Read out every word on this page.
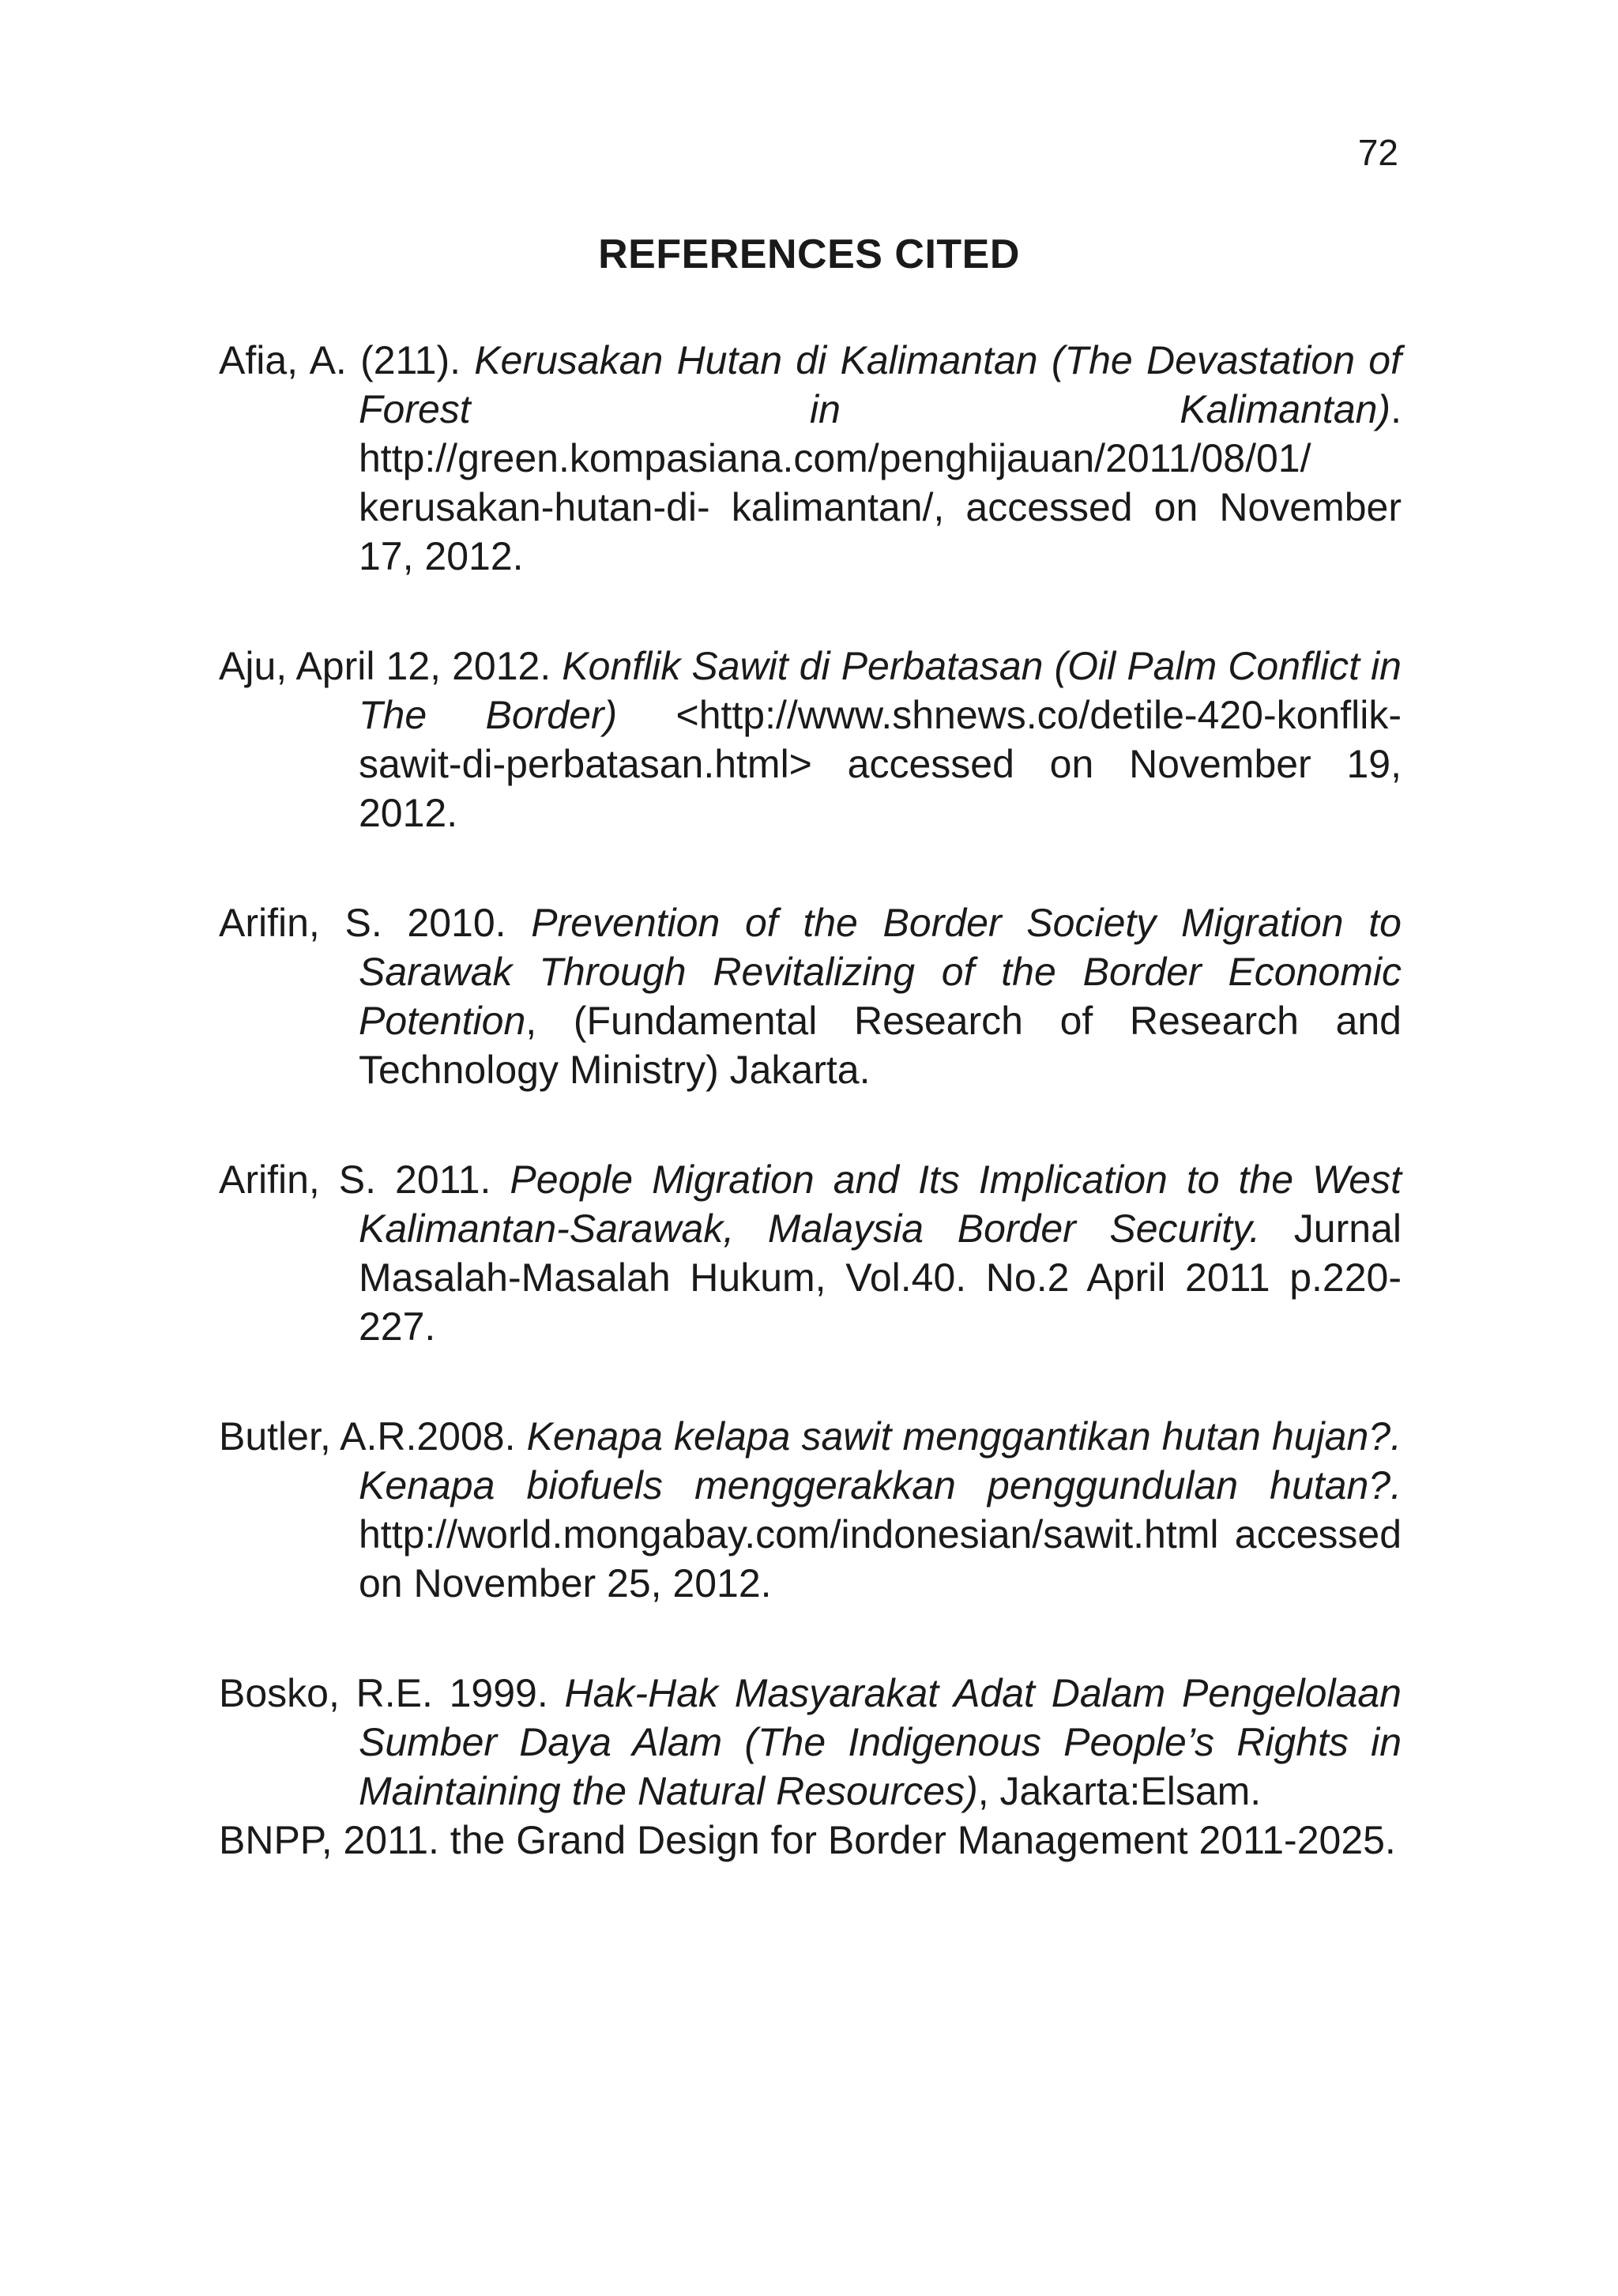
72
REFERENCES CITED

Afia, A. (211). Kerusakan Hutan di Kalimantan (The Devastation of Forest in Kalimantan). http://green.kompasiana.com/penghijauan/2011/08/01/ kerusakan-hutan-di- kalimantan/, accessed on November 17, 2012.

Aju, April 12, 2012. Konflik Sawit di Perbatasan (Oil Palm Conflict in The Border) <http://www.shnews.co/detile-420-konflik-sawit-di-perbatasan.html> accessed on November 19, 2012.

Arifin, S. 2010. Prevention of the Border Society Migration to Sarawak Through Revitalizing of the Border Economic Potention, (Fundamental Research of Research and Technology Ministry) Jakarta.

Arifin, S. 2011. People Migration and Its Implication to the West Kalimantan-Sarawak, Malaysia Border Security. Jurnal Masalah-Masalah Hukum, Vol.40. No.2 April 2011 p.220-227.

Butler, A.R.2008. Kenapa kelapa sawit menggantikan hutan hujan?. Kenapa biofuels menggerakkan penggundulan hutan?. http://world.mongabay.com/indonesian/sawit.html accessed on November 25, 2012.

Bosko, R.E. 1999. Hak-Hak Masyarakat Adat Dalam Pengelolaan Sumber Daya Alam (The Indigenous People’s Rights in Maintaining the Natural Resources), Jakarta:Elsam.

BNPP, 2011. the Grand Design for Border Management 2011-2025.
